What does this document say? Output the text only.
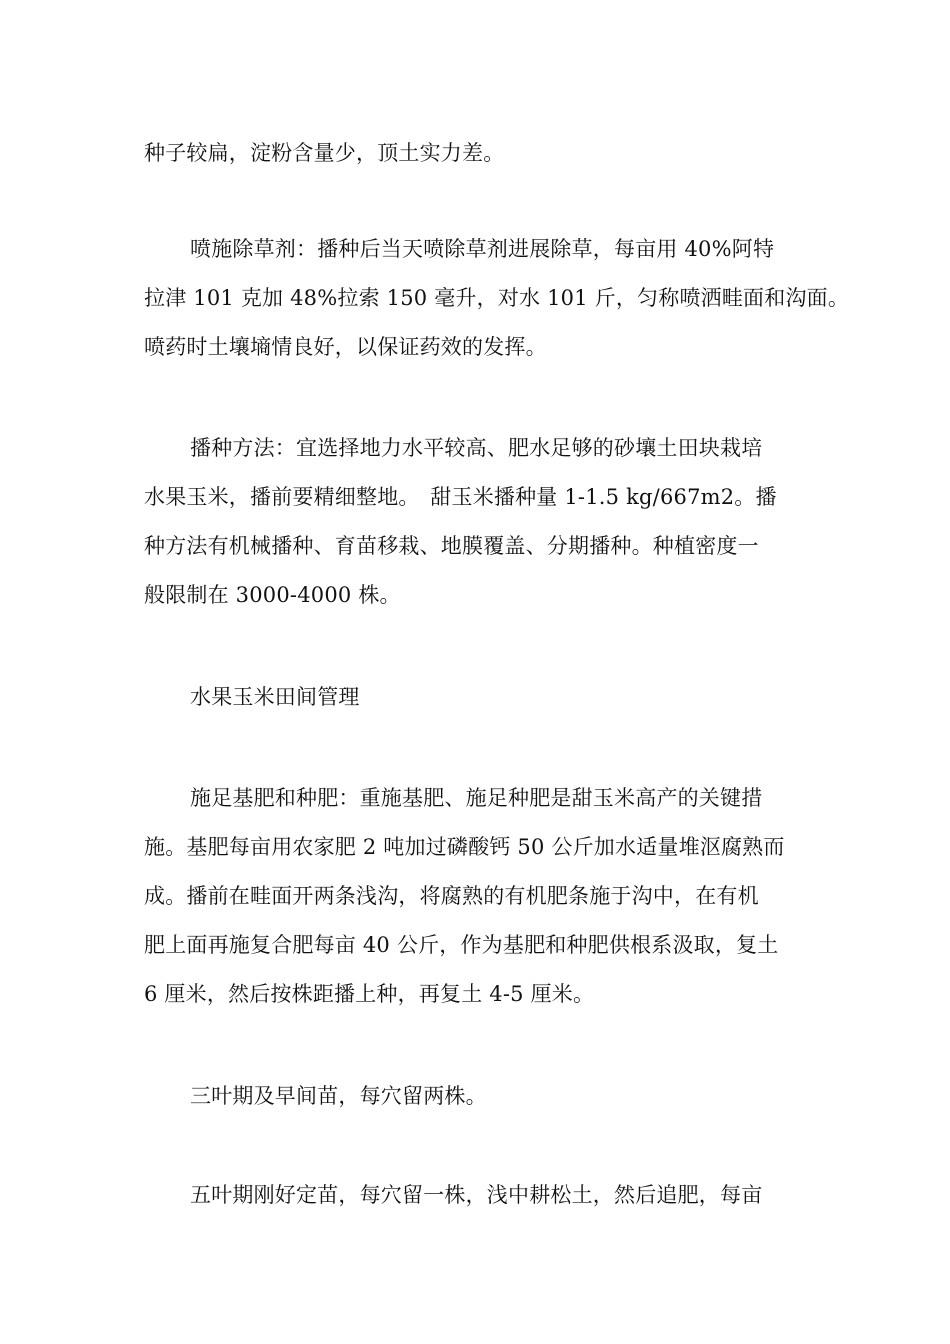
种子较扁，淀粉含量少，顶土实力差。

喷施除草剂：播种后当天喷除草剂进展除草，每亩用 40%阿特
拉津 101 克加 48%拉索 150 毫升，对水 101 斤，匀称喷洒畦面和沟面。
喷药时土壤墒情良好，以保证药效的发挥。

播种方法：宜选择地力水平较高、肥水足够的砂壤土田块栽培
水果玉米，播前要精细整地。　甜玉米播种量 1-1.5 kg/667m2。播
种方法有机械播种、育苗移栽、地膜覆盖、分期播种。种植密度一
般限制在 3000-4000 株。

水果玉米田间管理

施足基肥和种肥：重施基肥、施足种肥是甜玉米高产的关键措
施。基肥每亩用农家肥 2 吨加过磷酸钙 50 公斤加水适量堆沤腐熟而
成。播前在畦面开两条浅沟，将腐熟的有机肥条施于沟中，在有机
肥上面再施复合肥每亩 40 公斤，作为基肥和种肥供根系汲取，复土
6 厘米，然后按株距播上种，再复土 4-5 厘米。

三叶期及早间苗，每穴留两株。

五叶期刚好定苗，每穴留一株，浅中耕松土，然后追肥，每亩
